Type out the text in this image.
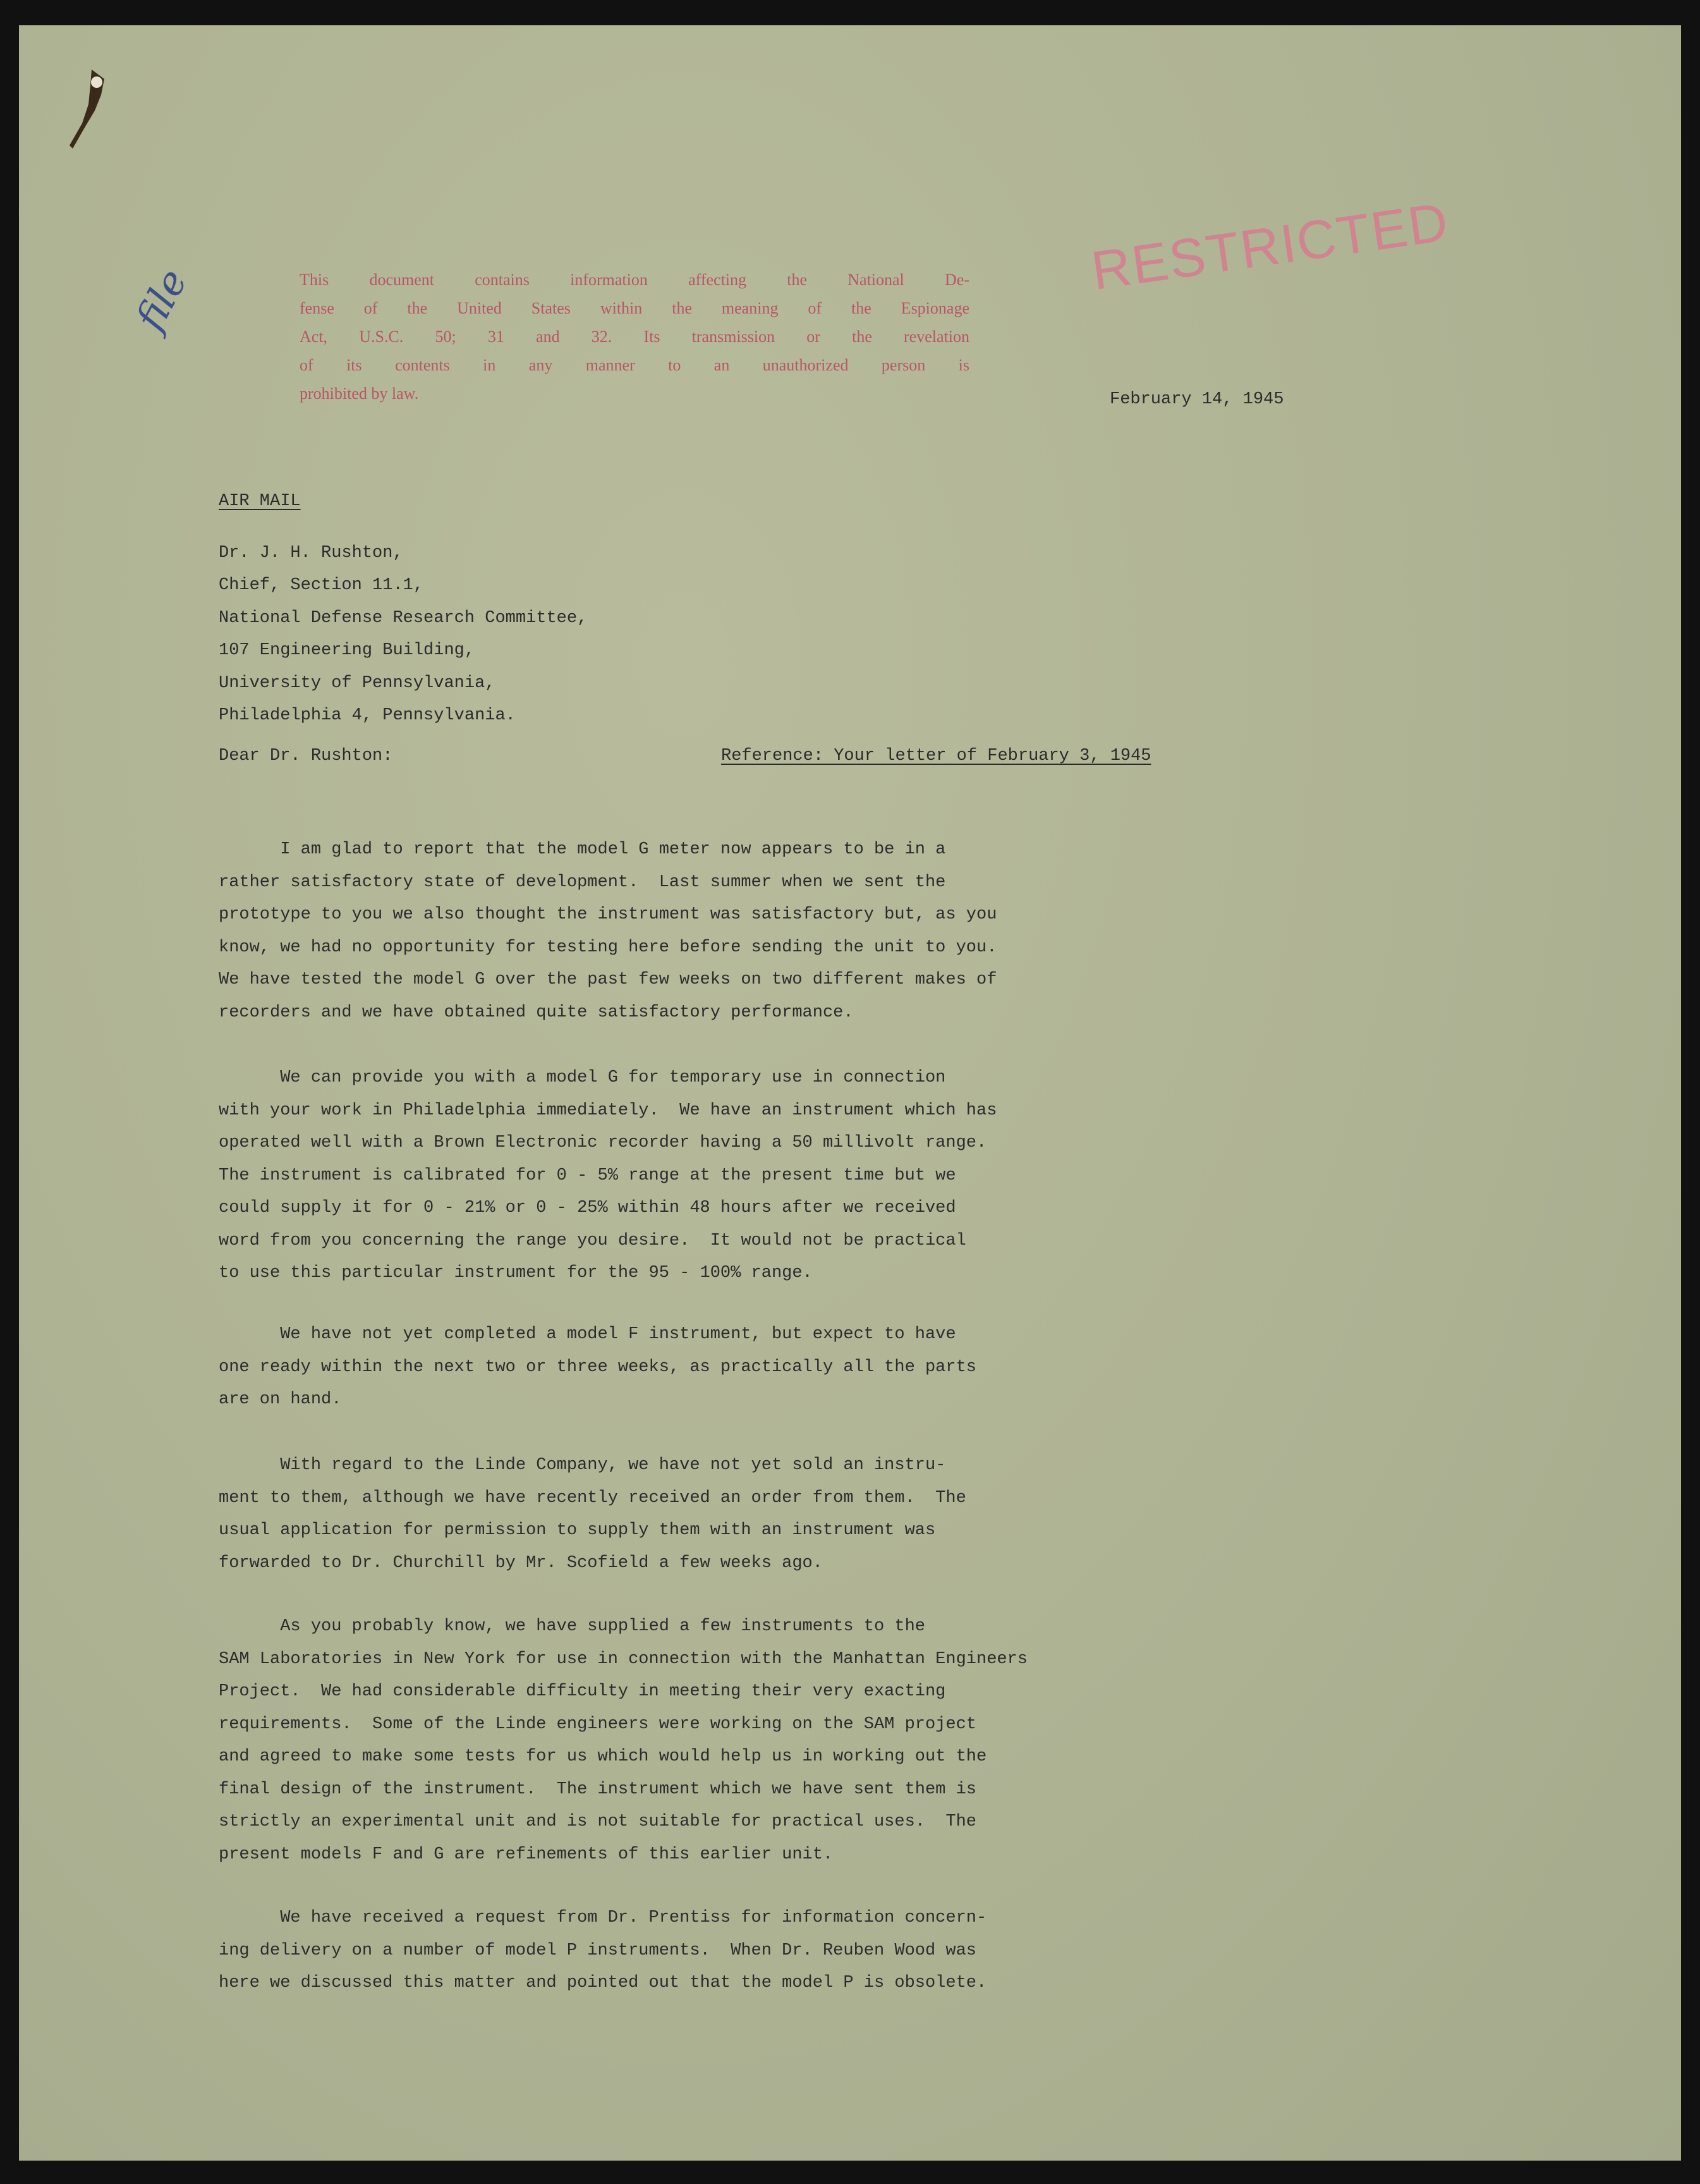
file	This document contains information affecting the National De-
fense of the United States within the meaning of the Espionage
Act, U.S.C. 50; 31 and 32. Its transmission or the revelation
of its contents in any manner to an unauthorized person is
prohibited by law.
RESTRICTED
February 14, 1945

AIR MAIL

Dr. J. H. Rushton,
Chief, Section 11.1,
National Defense Research Committee,
107 Engineering Building,
University of Pennsylvania,
Philadelphia 4, Pennsylvania.
Dear Dr. Rushton:	Reference: Your letter of February 3, 1945
I am glad to report that the model G meter now appears to be in a
rather satisfactory state of development.  Last summer when we sent the
prototype to you we also thought the instrument was satisfactory but, as you
know, we had no opportunity for testing here before sending the unit to you.
We have tested the model G over the past few weeks on two different makes of
recorders and we have obtained quite satisfactory performance.
We can provide you with a model G for temporary use in connection
with your work in Philadelphia immediately.  We have an instrument which has
operated well with a Brown Electronic recorder having a 50 millivolt range.
The instrument is calibrated for 0 - 5% range at the present time but we
could supply it for 0 - 21% or 0 - 25% within 48 hours after we received
word from you concerning the range you desire.  It would not be practical
to use this particular instrument for the 95 - 100% range.
We have not yet completed a model F instrument, but expect to have
one ready within the next two or three weeks, as practically all the parts
are on hand.
With regard to the Linde Company, we have not yet sold an instru-
ment to them, although we have recently received an order from them.  The
usual application for permission to supply them with an instrument was
forwarded to Dr. Churchill by Mr. Scofield a few weeks ago.
As you probably know, we have supplied a few instruments to the
SAM Laboratories in New York for use in connection with the Manhattan Engineers
Project.  We had considerable difficulty in meeting their very exacting
requirements.  Some of the Linde engineers were working on the SAM project
and agreed to make some tests for us which would help us in working out the
final design of the instrument.  The instrument which we have sent them is
strictly an experimental unit and is not suitable for practical uses.  The
present models F and G are refinements of this earlier unit.
We have received a request from Dr. Prentiss for information concern-
ing delivery on a number of model P instruments.  When Dr. Reuben Wood was
here we discussed this matter and pointed out that the model P is obsolete.
